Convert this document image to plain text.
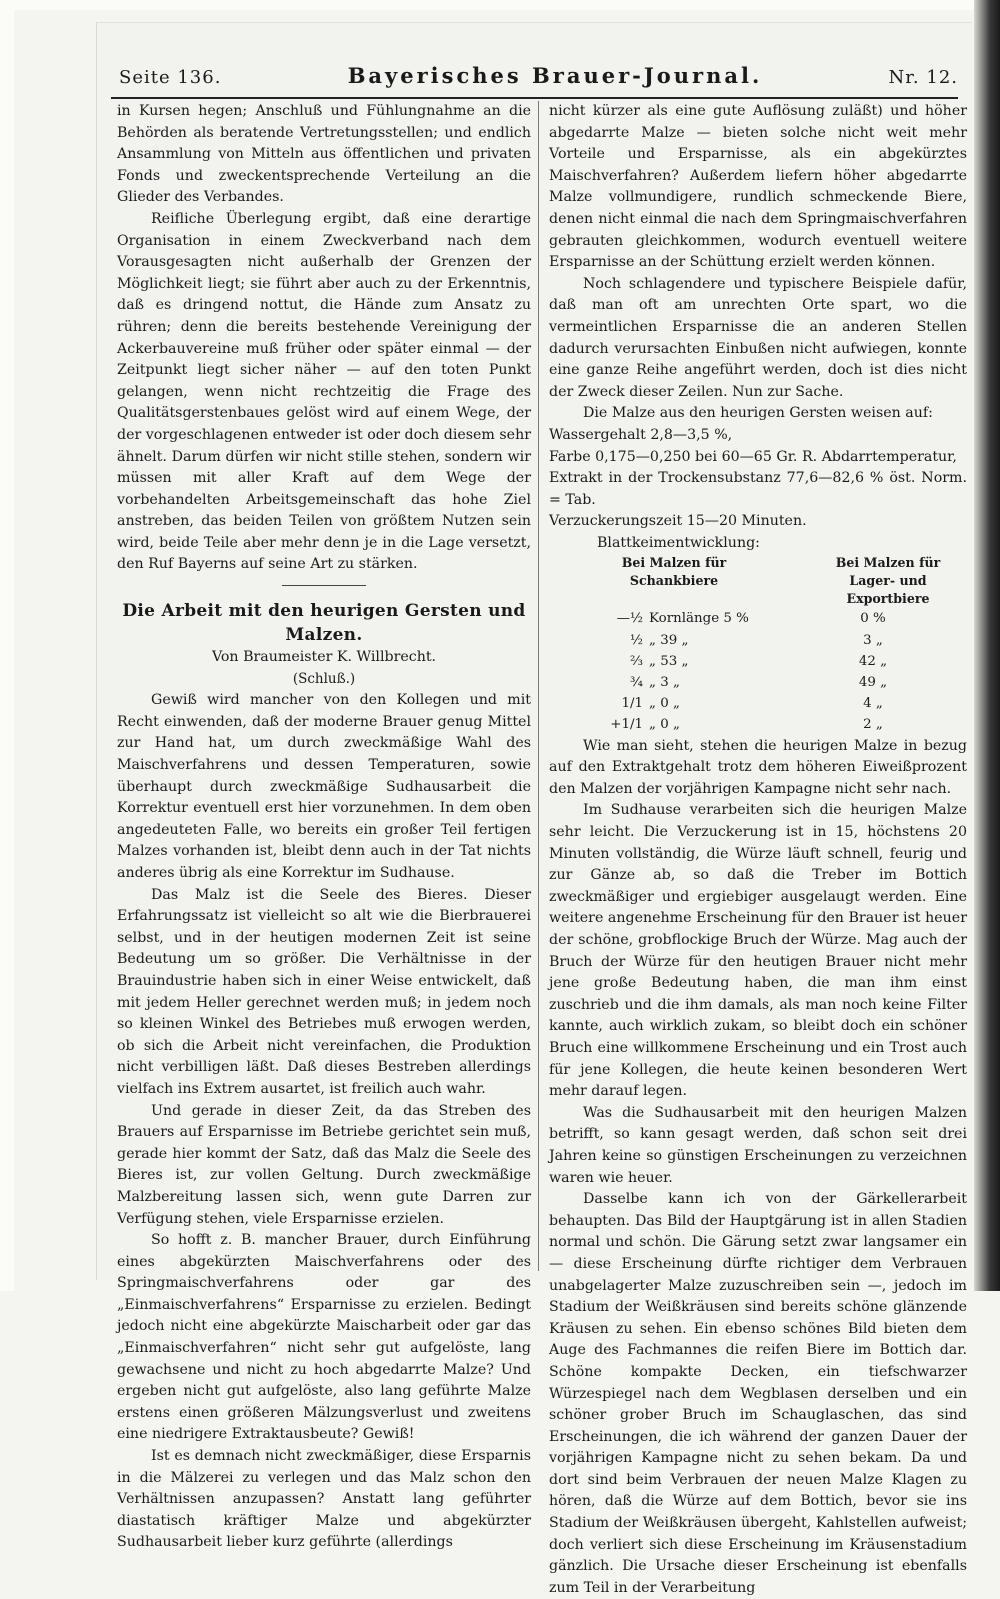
Seite 136.	Bayerisches Brauer-Journal.	Nr. 12.

in Kursen hegen; Anschluß und Fühlungnahme an die Behörden als beratende Vertretungsstellen; und endlich Ansammlung von Mitteln aus öffentlichen und privaten Fonds und zweckentsprechende Verteilung an die Glieder des Verbandes.

Reifliche Überlegung ergibt, daß eine derartige Organisation in einem Zweckverband nach dem Vorausgesagten nicht außerhalb der Grenzen der Möglichkeit liegt; sie führt aber auch zu der Erkenntnis, daß es dringend nottut, die Hände zum Ansatz zu rühren; denn die bereits bestehende Vereinigung der Ackerbauvereine muß früher oder später einmal — der Zeitpunkt liegt sicher näher — auf den toten Punkt gelangen, wenn nicht rechtzeitig die Frage des Qualitätsgerstenbaues gelöst wird auf einem Wege, der der vorgeschlagenen entweder ist oder doch diesem sehr ähnelt. Darum dürfen wir nicht stille stehen, sondern wir müssen mit aller Kraft auf dem Wege der vorbehandelten Arbeitsgemeinschaft das hohe Ziel anstreben, das beiden Teilen von größtem Nutzen sein wird, beide Teile aber mehr denn je in die Lage versetzt, den Ruf Bayerns auf seine Art zu stärken.

Die Arbeit mit den heurigen Gersten und Malzen.
Von Braumeister K. Willbrecht.
(Schluß.)

Gewiß wird mancher von den Kollegen und mit Recht einwenden, daß der moderne Brauer genug Mittel zur Hand hat, um durch zweckmäßige Wahl des Maischverfahrens und dessen Temperaturen, sowie überhaupt durch zweckmäßige Sudhausarbeit die Korrektur eventuell erst hier vorzunehmen. In dem oben angedeuteten Falle, wo bereits ein großer Teil fertigen Malzes vorhanden ist, bleibt denn auch in der Tat nichts anderes übrig als eine Korrektur im Sudhause.

Das Malz ist die Seele des Bieres. Dieser Erfahrungssatz ist vielleicht so alt wie die Bierbrauerei selbst, und in der heutigen modernen Zeit ist seine Bedeutung um so größer. Die Verhältnisse in der Brauindustrie haben sich in einer Weise entwickelt, daß mit jedem Heller gerechnet werden muß; in jedem noch so kleinen Winkel des Betriebes muß erwogen werden, ob sich die Arbeit nicht vereinfachen, die Produktion nicht verbilligen läßt. Daß dieses Bestreben allerdings vielfach ins Extrem ausartet, ist freilich auch wahr.

Und gerade in dieser Zeit, da das Streben des Brauers auf Ersparnisse im Betriebe gerichtet sein muß, gerade hier kommt der Satz, daß das Malz die Seele des Bieres ist, zur vollen Geltung. Durch zweckmäßige Malzbereitung lassen sich, wenn gute Darren zur Verfügung stehen, viele Ersparnisse erzielen.

So hofft z. B. mancher Brauer, durch Einführung eines abgekürzten Maischverfahrens oder des Springmaischverfahrens oder gar des „Einmaischverfahrens“ Ersparnisse zu erzielen. Bedingt jedoch nicht eine abgekürzte Maischarbeit oder gar das „Einmaischverfahren“ nicht sehr gut aufgelöste, lang gewachsene und nicht zu hoch abgedarrte Malze? Und ergeben nicht gut aufgelöste, also lang geführte Malze erstens einen größeren Mälzungsverlust und zweitens eine niedrigere Extraktausbeute? Gewiß!

Ist es demnach nicht zweckmäßiger, diese Ersparnis in die Mälzerei zu verlegen und das Malz schon den Verhältnissen anzupassen? Anstatt lang geführter diastatisch kräftiger Malze und abgekürzter Sudhausarbeit lieber kurz geführte (allerdings

nicht kürzer als eine gute Auflösung zuläßt) und höher abgedarrte Malze — bieten solche nicht weit mehr Vorteile und Ersparnisse, als ein abgekürztes Maischverfahren? Außerdem liefern höher abgedarrte Malze vollmundigere, rundlich schmeckende Biere, denen nicht einmal die nach dem Springmaischverfahren gebrauten gleichkommen, wodurch eventuell weitere Ersparnisse an der Schüttung erzielt werden können.

Noch schlagendere und typischere Beispiele dafür, daß man oft am unrechten Orte spart, wo die vermeintlichen Ersparnisse die an anderen Stellen dadurch verursachten Einbußen nicht aufwiegen, konnte eine ganze Reihe angeführt werden, doch ist dies nicht der Zweck dieser Zeilen. Nun zur Sache.

Die Malze aus den heurigen Gersten weisen auf:

Wassergehalt 2,8—3,5 %,
Farbe 0,175—0,250 bei 60—65 Gr. R. Abdarrtemperatur,
Extrakt in der Trockensubstanz 77,6—82,6 % öst. Norm. = Tab.
Verzuckerungszeit 15—20 Minuten.
Blattkeimentwicklung:
Bei Malzen für Schankbiere		Bei Malzen für Lager- und Exportbiere
—½	Kornlänge 5 %	0 %
½	„ 39 „	3 „
⅔	„ 53 „	42 „
¾	„ 3 „	49 „
1/1	„ 0 „	4 „
+1/1	„ 0 „	2 „

Wie man sieht, stehen die heurigen Malze in bezug auf den Extraktgehalt trotz dem höheren Eiweißprozent den Malzen der vorjährigen Kampagne nicht sehr nach.

Im Sudhause verarbeiten sich die heurigen Malze sehr leicht. Die Verzuckerung ist in 15, höchstens 20 Minuten vollständig, die Würze läuft schnell, feurig und zur Gänze ab, so daß die Treber im Bottich zweckmäßiger und ergiebiger ausgelaugt werden. Eine weitere angenehme Erscheinung für den Brauer ist heuer der schöne, grobflockige Bruch der Würze. Mag auch der Bruch der Würze für den heutigen Brauer nicht mehr jene große Bedeutung haben, die man ihm einst zuschrieb und die ihm damals, als man noch keine Filter kannte, auch wirklich zukam, so bleibt doch ein schöner Bruch eine willkommene Erscheinung und ein Trost auch für jene Kollegen, die heute keinen besonderen Wert mehr darauf legen.

Was die Sudhausarbeit mit den heurigen Malzen betrifft, so kann gesagt werden, daß schon seit drei Jahren keine so günstigen Erscheinungen zu verzeichnen waren wie heuer.

Dasselbe kann ich von der Gärkellerarbeit behaupten. Das Bild der Hauptgärung ist in allen Stadien normal und schön. Die Gärung setzt zwar langsamer ein — diese Erscheinung dürfte richtiger dem Verbrauen unabgelagerter Malze zuzuschreiben sein —, jedoch im Stadium der Weißkräusen sind bereits schöne glänzende Kräusen zu sehen. Ein ebenso schönes Bild bieten dem Auge des Fachmannes die reifen Biere im Bottich dar. Schöne kompakte Decken, ein tiefschwarzer Würzespiegel nach dem Wegblasen derselben und ein schöner grober Bruch im Schauglaschen, das sind Erscheinungen, die ich während der ganzen Dauer der vorjährigen Kampagne nicht zu sehen bekam. Da und dort sind beim Verbrauen der neuen Malze Klagen zu hören, daß die Würze auf dem Bottich, bevor sie ins Stadium der Weißkräusen übergeht, Kahlstellen aufweist; doch verliert sich diese Erscheinung im Kräusenstadium gänzlich. Die Ursache dieser Erscheinung ist ebenfalls zum Teil in der Verarbeitung
